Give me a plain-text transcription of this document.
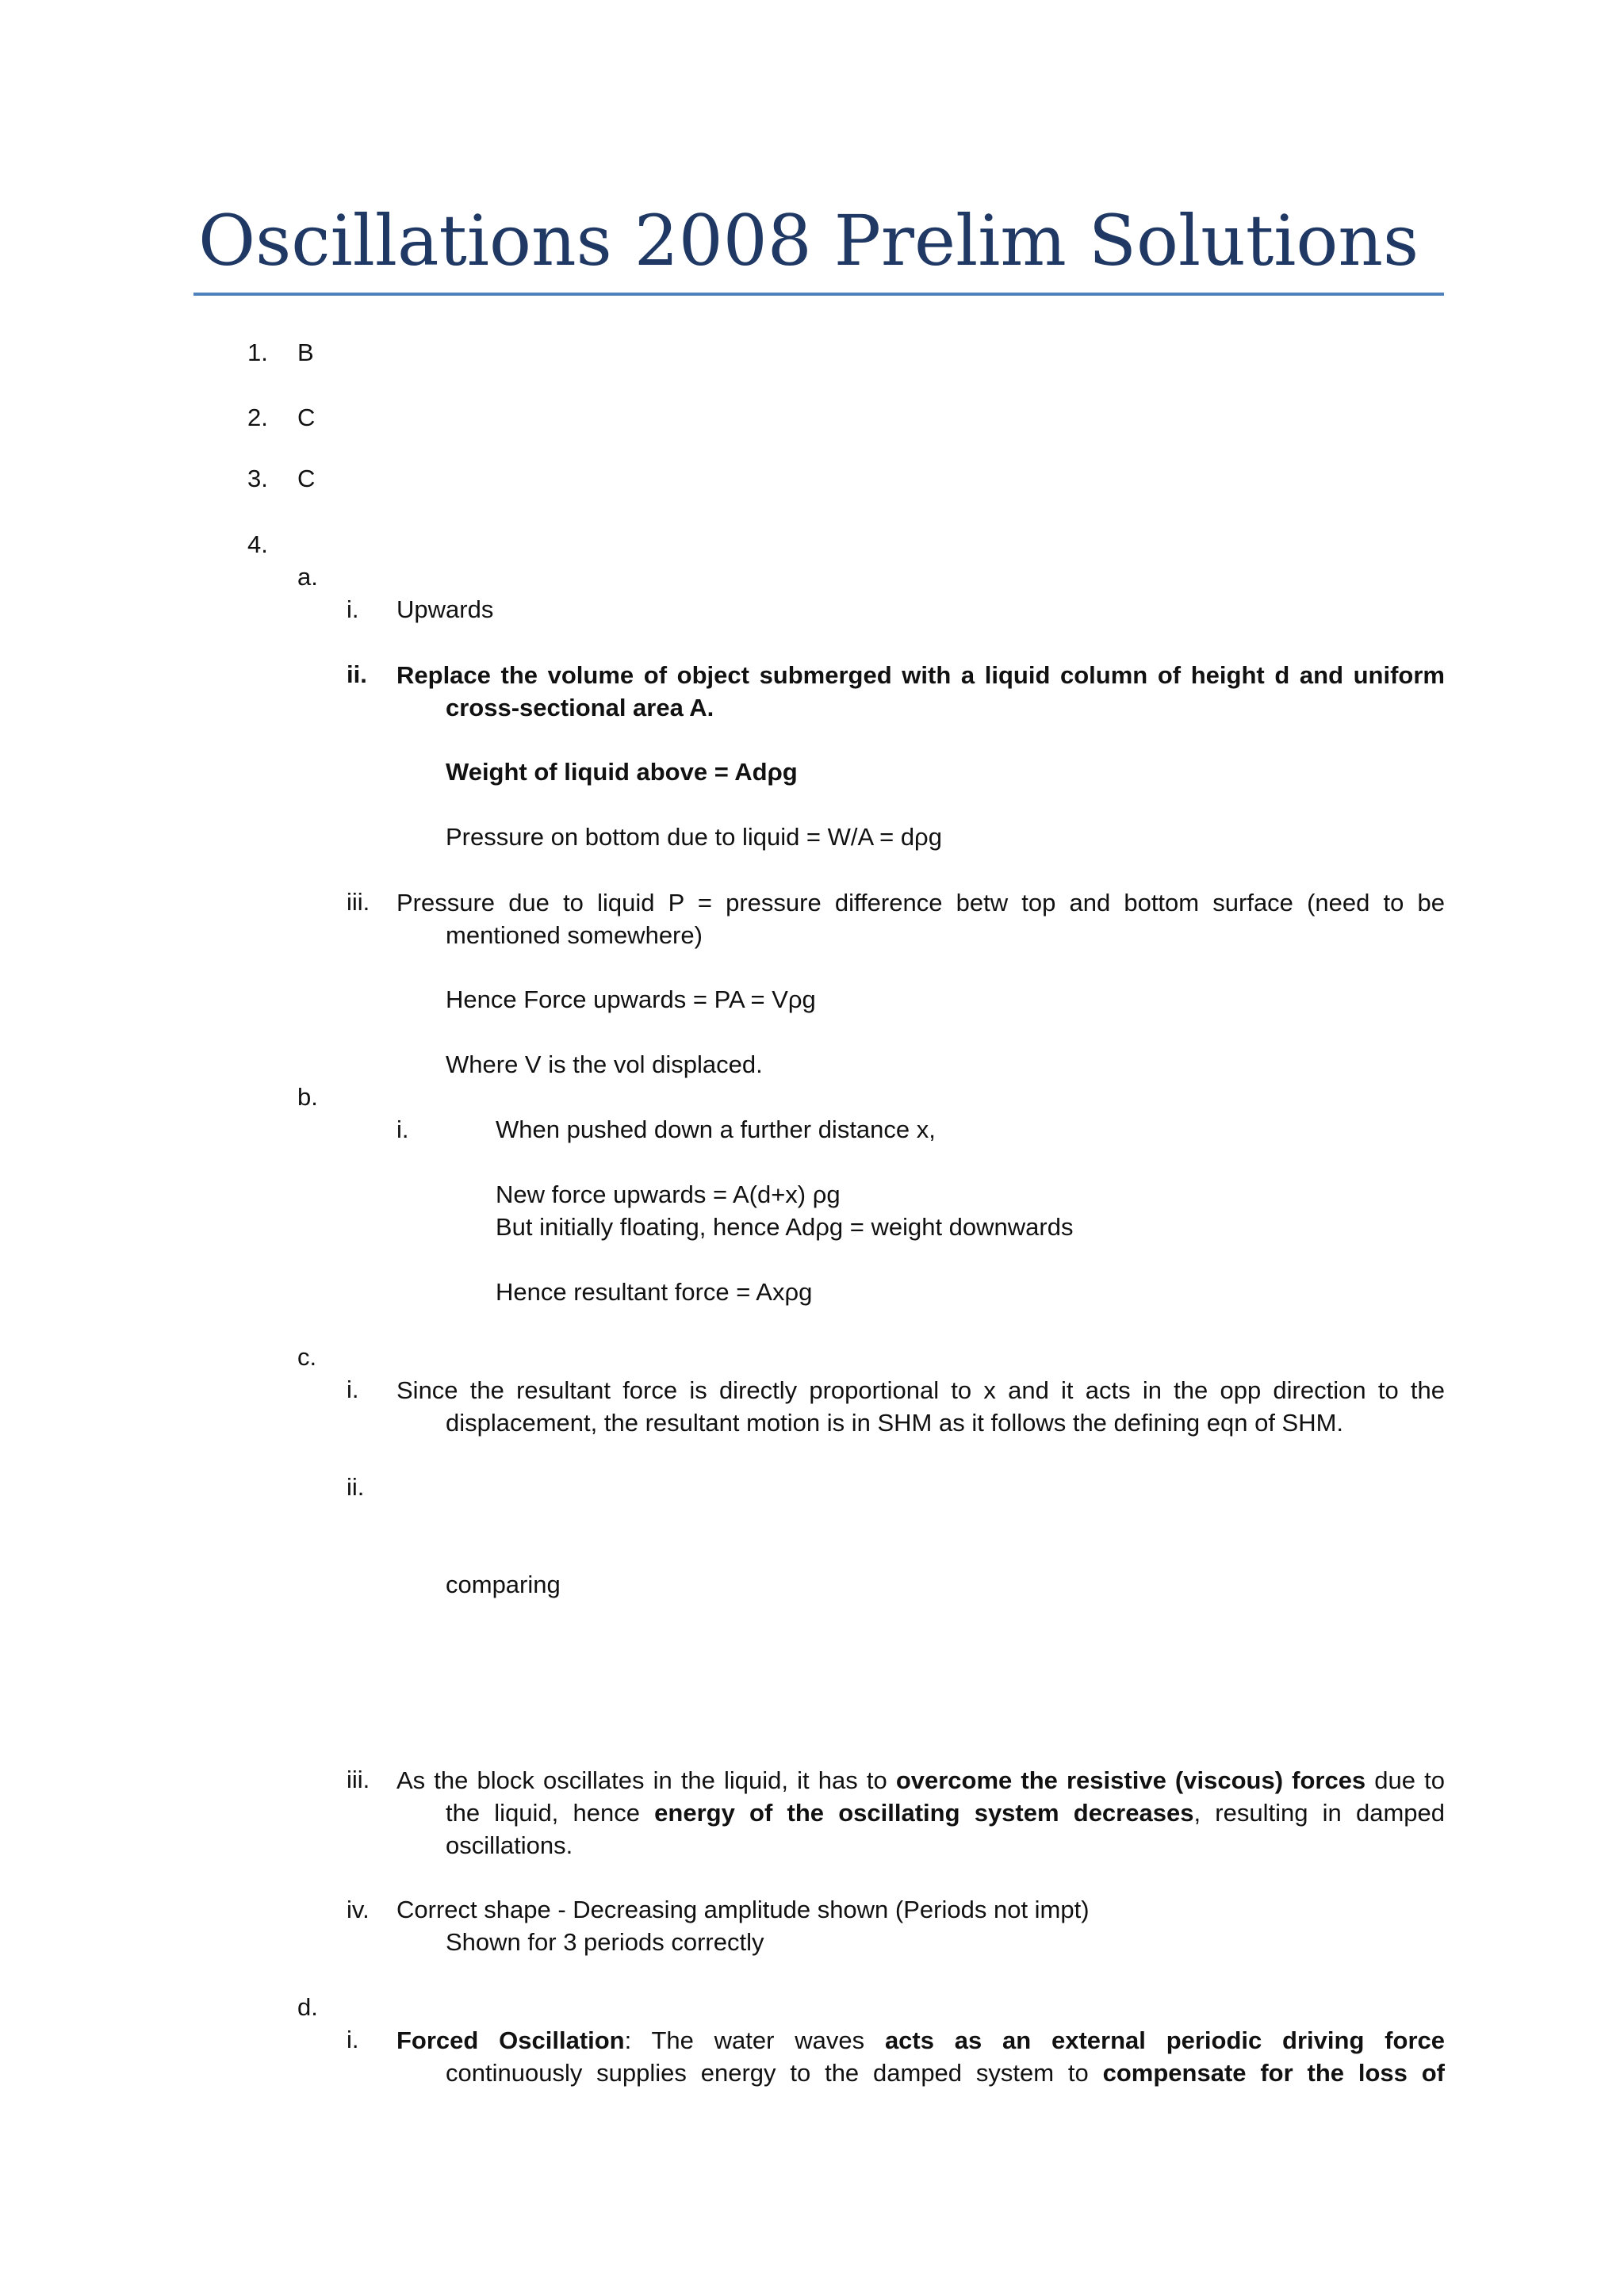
Oscillations 2008 Prelim Solutions
1. B
2. C
3. C
4.
a.
i. Upwards
ii. Replace the volume of object submerged with a liquid column of height d and uniform
cross-sectional area A.
Weight of liquid above = Adρg
Pressure on bottom due to liquid = W/A = dρg
iii. Pressure due to liquid P = pressure difference betw top and bottom surface (need to be
mentioned somewhere)
Hence Force upwards = PA = Vρg
Where V is the vol displaced.
b.
i.	When pushed down a further distance x,
New force upwards = A(d+x) ρg
But initially floating, hence Adρg = weight downwards
Hence resultant force = Axρg
c.
i. Since the resultant force is directly proportional to x and it acts in the opp direction to the
displacement, the resultant motion is in SHM as it follows the defining eqn of SHM.
ii.
comparing
iii. As the block oscillates in the liquid, it has to overcome the resistive (viscous) forces due to
the liquid, hence energy of the oscillating system decreases, resulting in damped
oscillations.
iv. Correct shape - Decreasing amplitude shown (Periods not impt)
Shown for 3 periods correctly
d.
i. Forced Oscillation: The water waves acts as an external periodic driving force
continuously supplies energy to the damped system to compensate for the loss of
